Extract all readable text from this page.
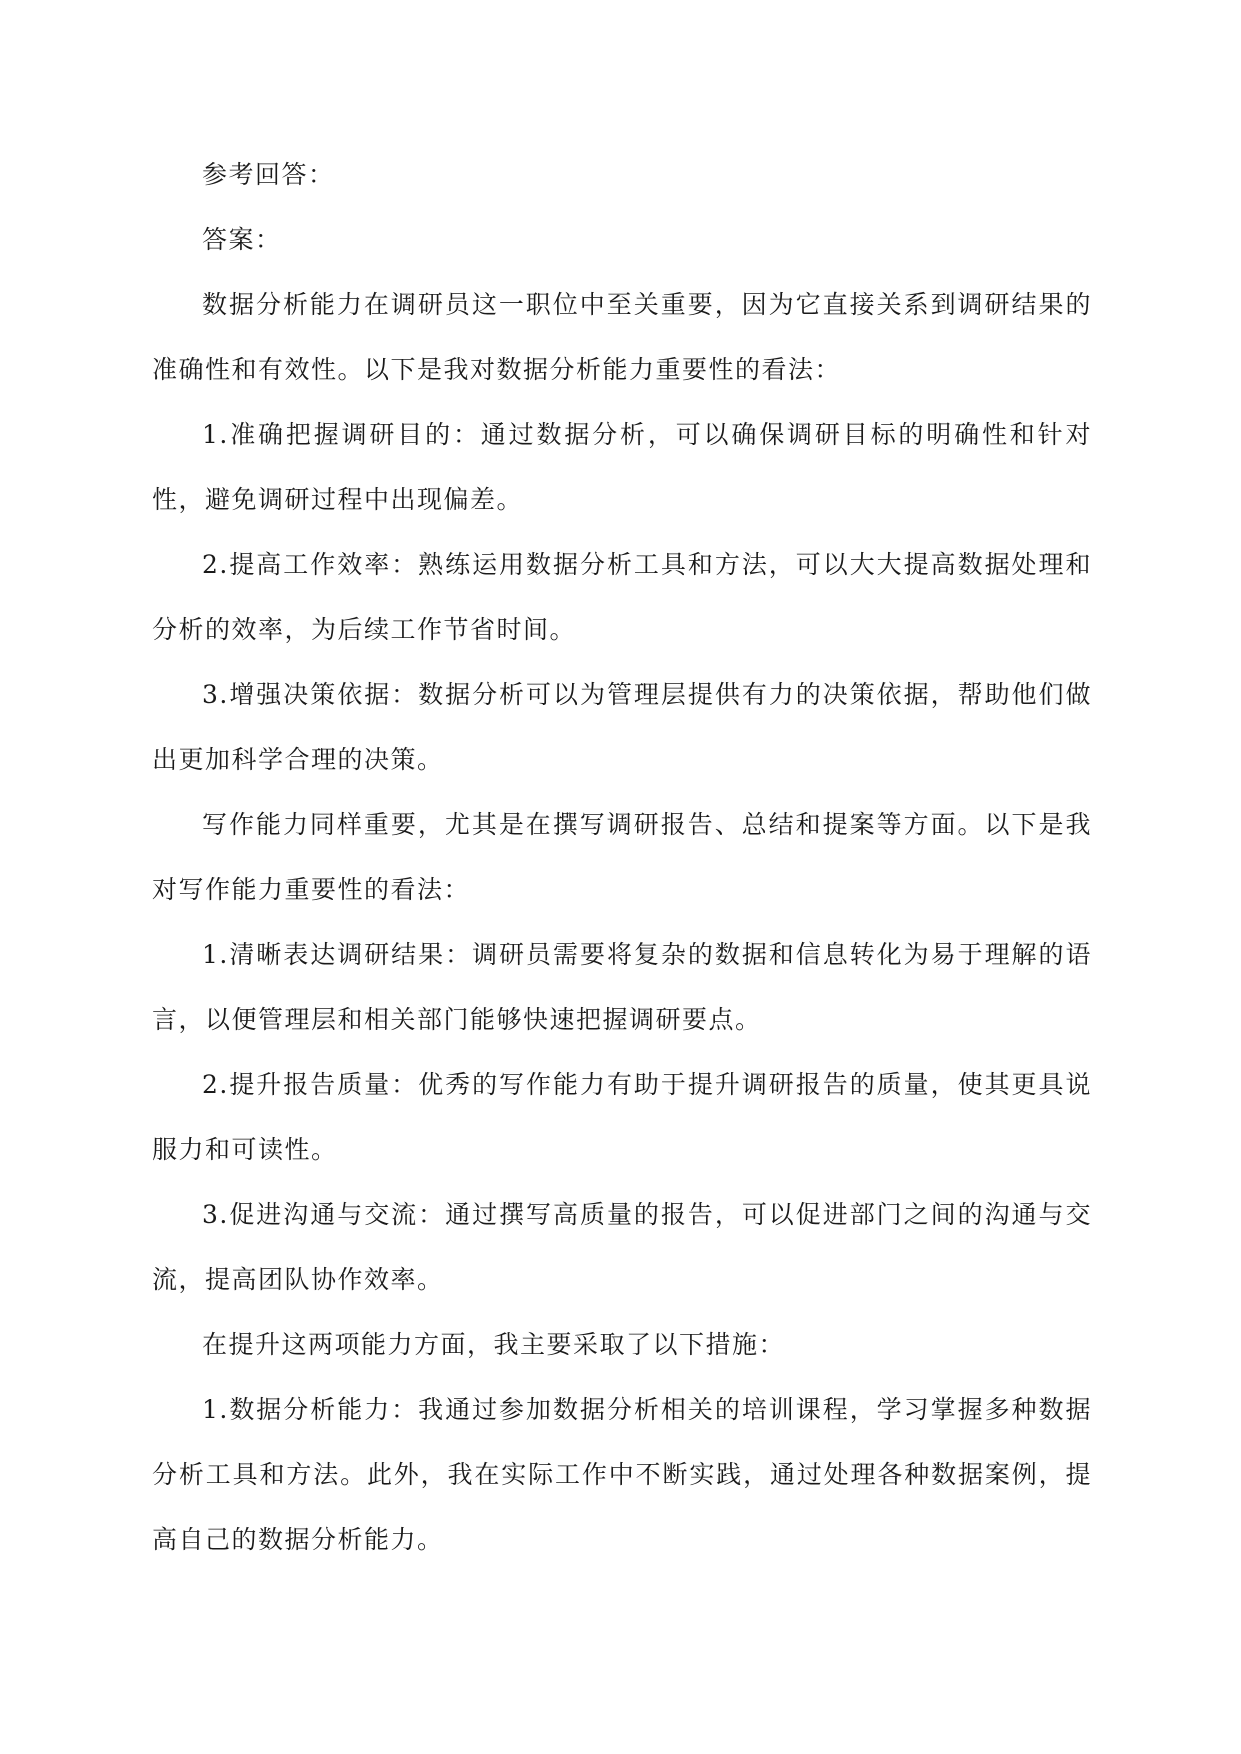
参考回答：

答案：

数据分析能力在调研员这一职位中至关重要，因为它直接关系到调研结果的准确性和有效性。以下是我对数据分析能力重要性的看法：

1.准确把握调研目的：通过数据分析，可以确保调研目标的明确性和针对性，避免调研过程中出现偏差。

2.提高工作效率：熟练运用数据分析工具和方法，可以大大提高数据处理和分析的效率，为后续工作节省时间。

3.增强决策依据：数据分析可以为管理层提供有力的决策依据，帮助他们做出更加科学合理的决策。

写作能力同样重要，尤其是在撰写调研报告、总结和提案等方面。以下是我对写作能力重要性的看法：

1.清晰表达调研结果：调研员需要将复杂的数据和信息转化为易于理解的语言，以便管理层和相关部门能够快速把握调研要点。

2.提升报告质量：优秀的写作能力有助于提升调研报告的质量，使其更具说服力和可读性。

3.促进沟通与交流：通过撰写高质量的报告，可以促进部门之间的沟通与交流，提高团队协作效率。

在提升这两项能力方面，我主要采取了以下措施：

1.数据分析能力：我通过参加数据分析相关的培训课程，学习掌握多种数据分析工具和方法。此外，我在实际工作中不断实践，通过处理各种数据案例，提高自己的数据分析能力。
